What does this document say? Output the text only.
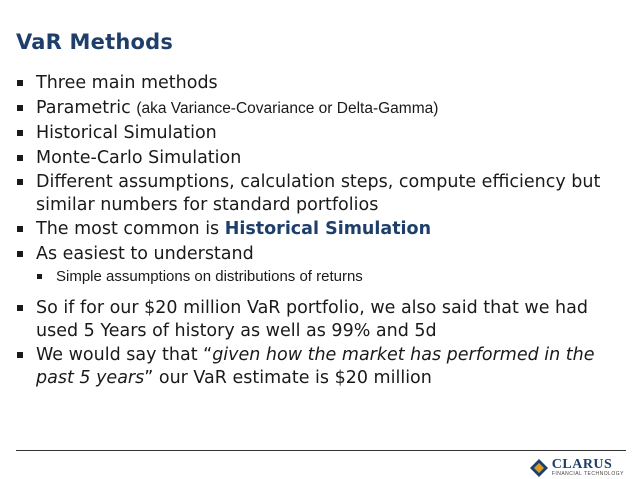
VaR Methods
Three main methods
Parametric (aka Variance-Covariance or Delta-Gamma)
Historical Simulation
Monte-Carlo Simulation
Different assumptions, calculation steps, compute efficiency but similar numbers for standard portfolios
The most common is Historical Simulation
As easiest to understand
Simple assumptions on distributions of returns
So if for our $20 million VaR portfolio, we also said that we had used 5 Years of history as well as 99% and 5d
We would say that “given how the market has performed in the past 5 years” our VaR estimate is $20 million
CLARUS
FINANCIAL TECHNOLOGY
